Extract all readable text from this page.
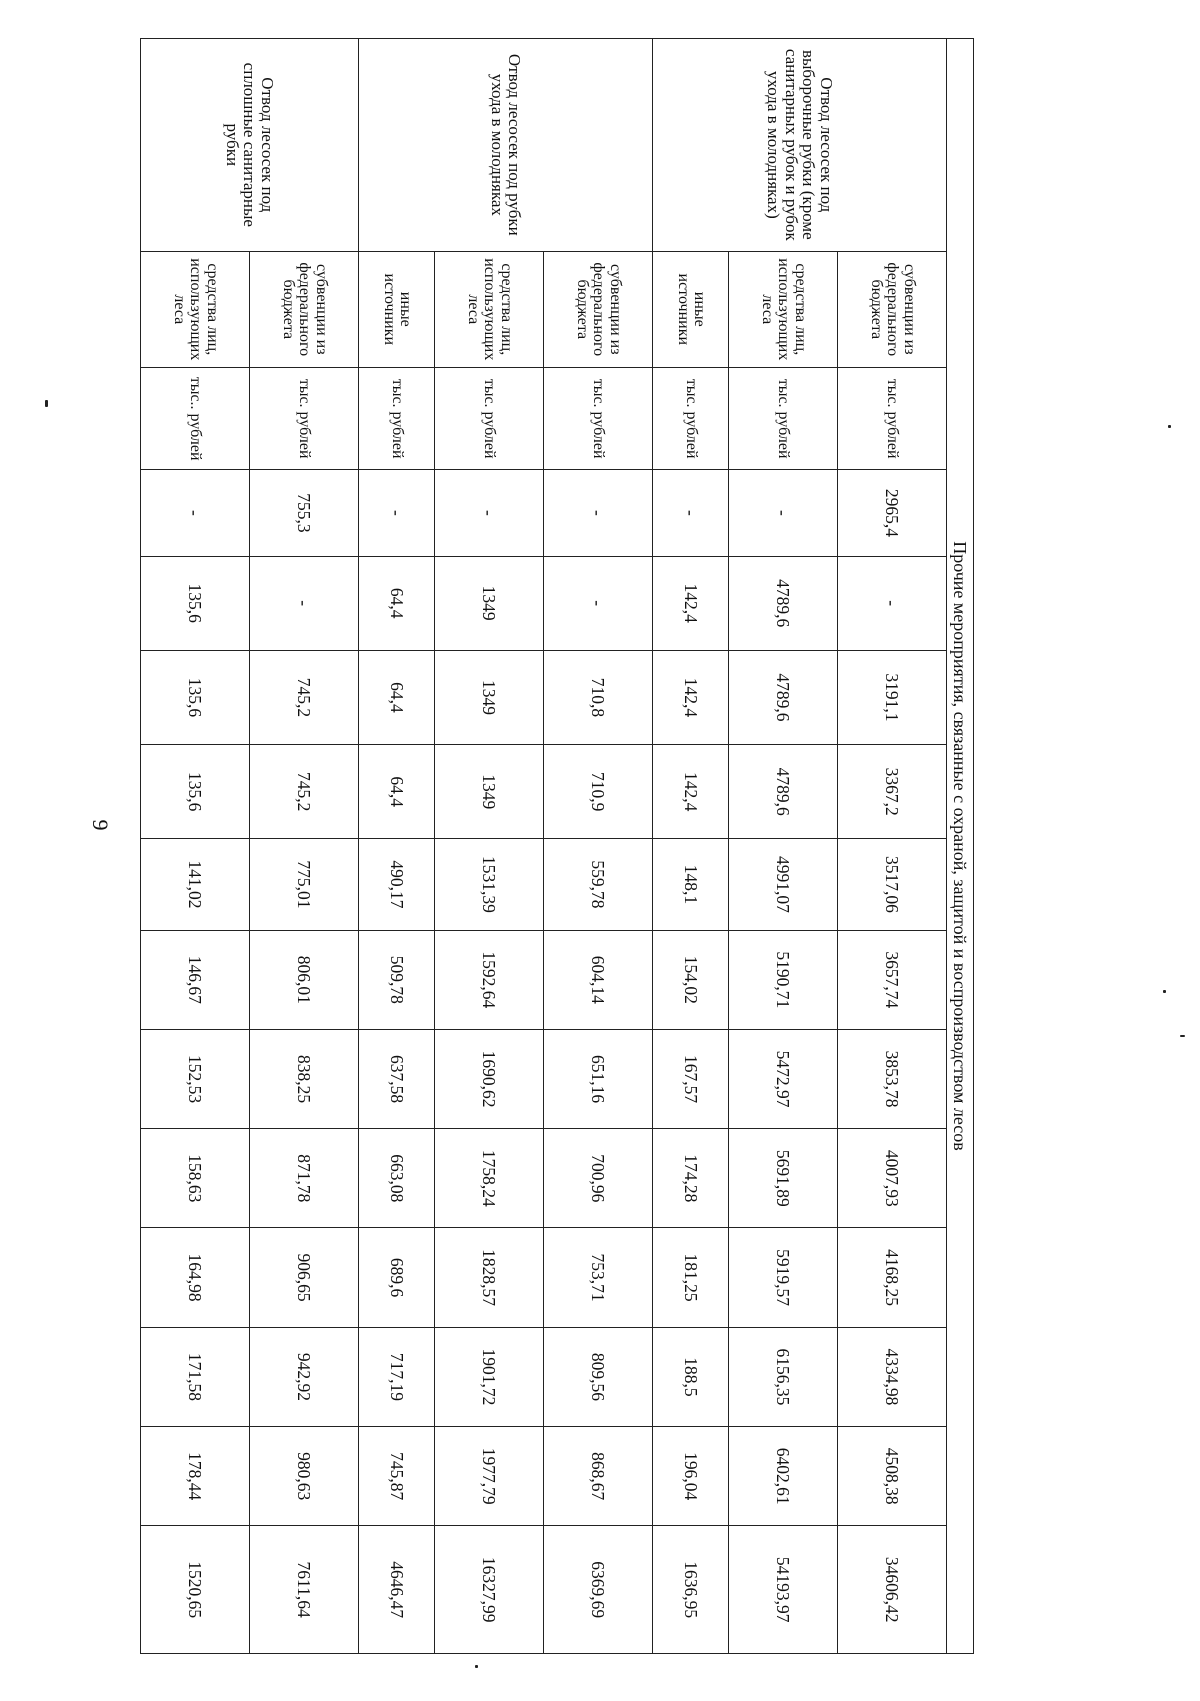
9	Прочие мероприятия, связанные с охраной, защитой и воспроизводством лесов														
Отвод лесосек под выборочные рубки (кроме санитарных рубок и рубок ухода в молодняках)	субвенции из федерального бюджета	тыс. рублей	2965,4	-	3191,1	3367,2	3517,06	3657,74	3853,78	4007,93	4168,25	4334,98	4508,38	34606,42
	средства лиц, использующих леса	тыс. рублей	-	4789,6	4789,6	4789,6	4991,07	5190,71	5472,97	5691,89	5919,57	6156,35	6402,61	54193,97
	иные источники	тыс. рублей	-	142,4	142,4	142,4	148,1	154,02	167,57	174,28	181,25	188,5	196,04	1636,95
Отвод лесосек под рубки ухода в молодняках	субвенции из федерального бюджета	тыс. рублей	-	-	710,8	710,9	559,78	604,14	651,16	700,96	753,71	809,56	868,67	6369,69
	средства лиц, использующих леса	тыс. рублей	-	1349	1349	1349	1531,39	1592,64	1690,62	1758,24	1828,57	1901,72	1977,79	16327,99
	иные источники	тыс. рублей	-	64,4	64,4	64,4	490,17	509,78	637,58	663,08	689,6	717,19	745,87	4646,47
Отвод лесосек под сплошные санитарные рубки	субвенции из федерального бюджета	тыс. рублей	755,3	-	745,2	745,2	775,01	806,01	838,25	871,78	906,65	942,92	980,63	7611,64
	средства лиц, использующих леса	тыс.. рублей	-	135,6	135,6	135,6	141,02	146,67	152,53	158,63	164,98	171,58	178,44	1520,65
